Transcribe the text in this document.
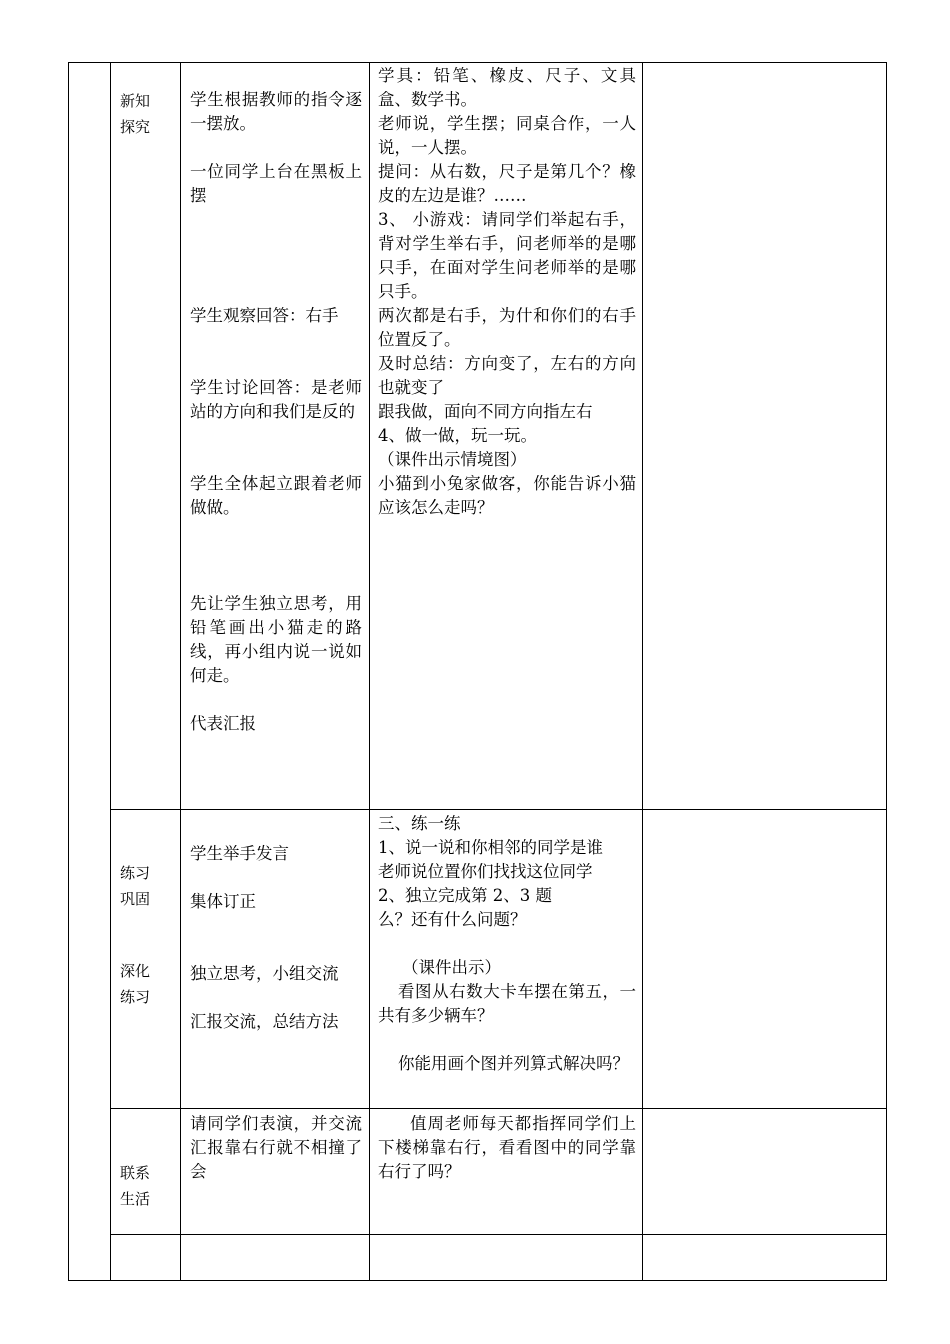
新知
探究

学生根据教师的指令逐一摆放。

一位同学上台在黑板上摆

学生观察回答：右手

学生讨论回答：是老师站的方向和我们是反的

学生全体起立跟着老师做做。

先让学生独立思考，用铅笔画出小猫走的路线，再小组内说一说如何走。

代表汇报

学具：铅笔、橡皮、尺子、文具盒、数学书。

老师说，学生摆；同桌合作，一人说，一人摆。

提问：从右数，尺子是第几个？橡皮的左边是谁？……

3、 小游戏：请同学们举起右手，背对学生举右手，问老师举的是哪只手，在面对学生问老师举的是哪只手。

两次都是右手，为什和你们的右手位置反了。

及时总结：方向变了，左右的方向也就变了

跟我做，面向不同方向指左右

4、做一做，玩一玩。

（课件出示情境图）

小猫到小兔家做客，你能告诉小猫应该怎么走吗？

练习
巩固
深化
练习

学生举手发言

集体订正

独立思考，小组交流

汇报交流，总结方法

三、练一练

1、说一说和你相邻的同学是谁

老师说位置你们找找这位同学

2、独立完成第 2、3 题

么？还有什么问题？

（课件出示）

看图从右数大卡车摆在第五，一共有多少辆车？

你能用画个图并列算式解决吗？

联系
生活

请同学们表演，并交流汇报靠右行就不相撞了会

值周老师每天都指挥同学们上下楼梯靠右行，看看图中的同学靠右行了吗？
